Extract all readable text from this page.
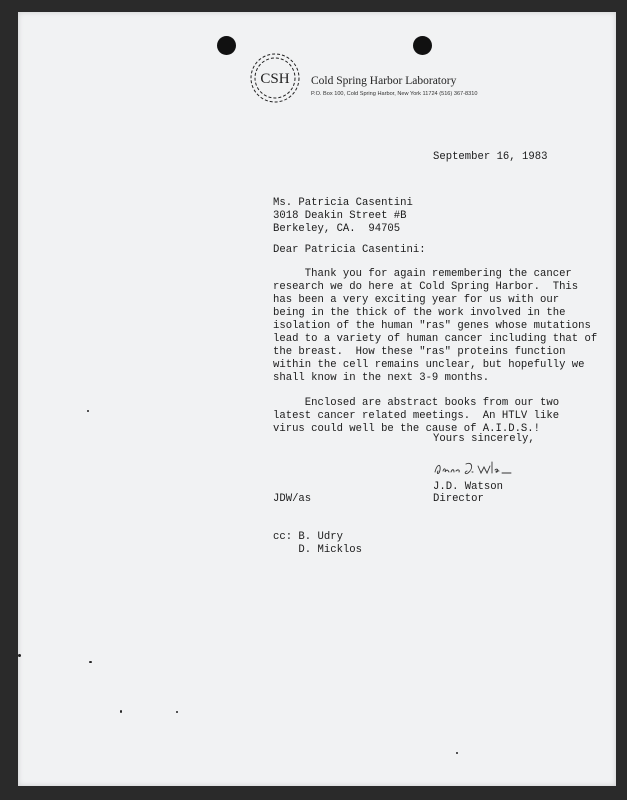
CSH Cold Spring Harbor Laboratory
P.O. Box 100, Cold Spring Harbor, New York 11724 (516) 367-8310
September 16, 1983
Ms. Patricia Casentini
3018 Deakin Street #B
Berkeley, CA.  94705
Dear Patricia Casentini:
Thank you for again remembering the cancer
research we do here at Cold Spring Harbor.  This
has been a very exciting year for us with our
being in the thick of the work involved in the
isolation of the human "ras" genes whose mutations
lead to a variety of human cancer including that of
the breast.  How these "ras" proteins function
within the cell remains unclear, but hopefully we
shall know in the next 3-9 months.
Enclosed are abstract books from our two
latest cancer related meetings.  An HTLV like
virus could well be the cause of A.I.D.S.!
Yours sincerely,
J.D. Watson
Director
JDW/as
cc: B. Udry
D. Micklos
